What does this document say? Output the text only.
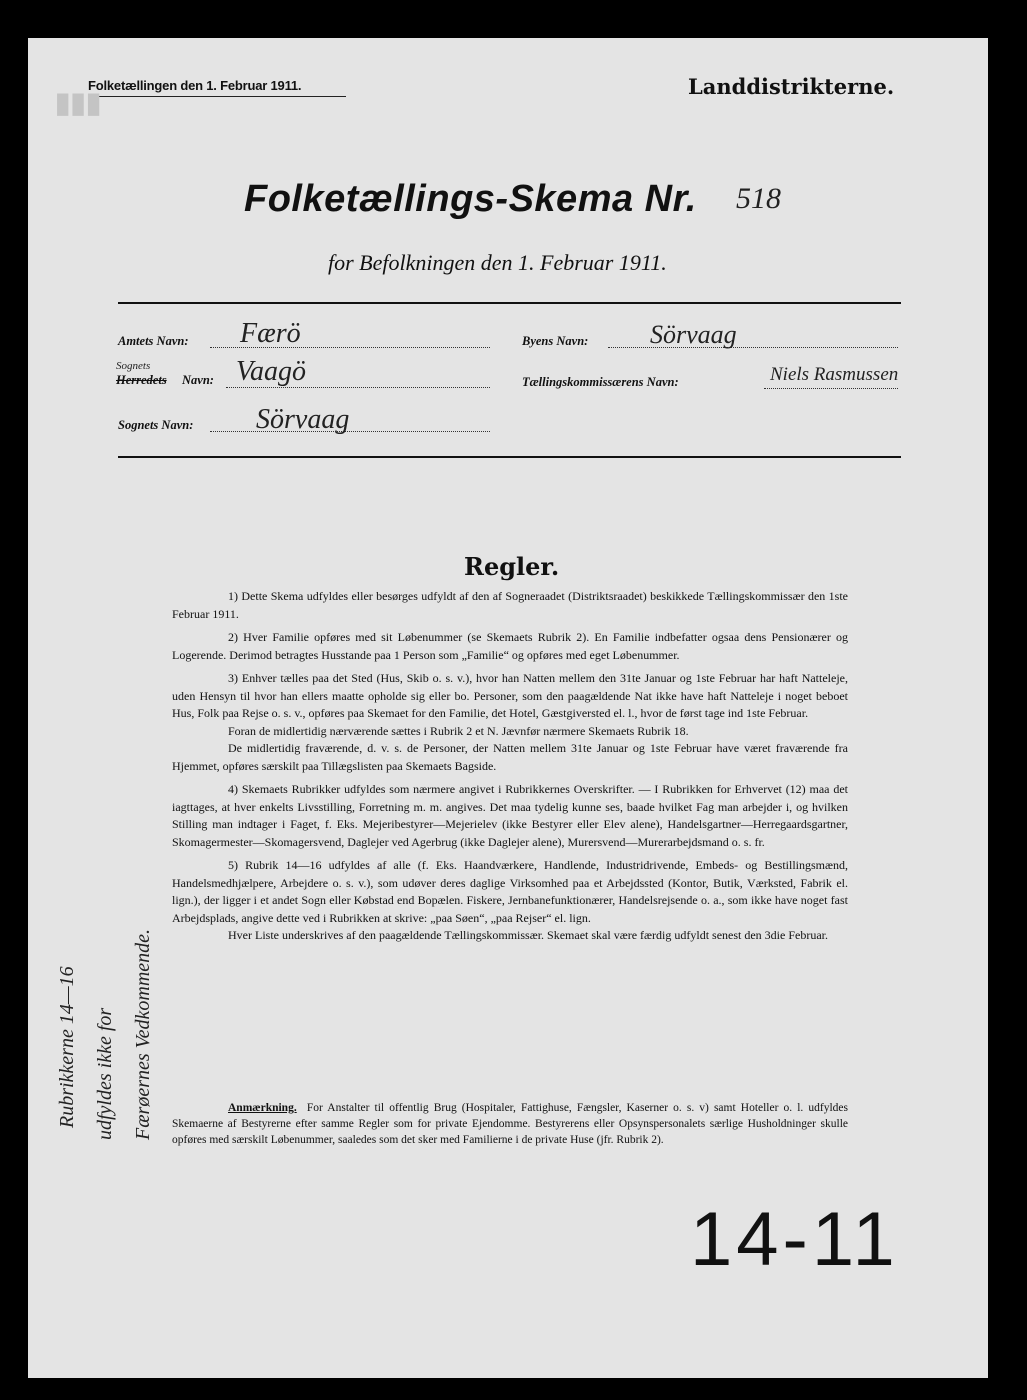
Folketællingen den 1. Februar 1911.	Landdistrikterne.
▮▮▮
Folketællings-Skema Nr. 518
for Befolkningen den 1. Februar 1911.
Amtets Navn: Færö
Sognets
Herredets Navn: Vaagö
Sognets Navn: Sörvaag
Byens Navn: Sörvaag
Tællingskommissærens Navn:	Niels Rasmussen
Regler.

1) Dette Skema udfyldes eller besørges udfyldt af den af Sogneraadet (Distriktsraadet) beskikkede Tællingskommissær den 1ste Februar 1911.

2) Hver Familie opføres med sit Løbenummer (se Skemaets Rubrik 2). En Familie indbefatter ogsaa dens Pensionærer og Logerende. Derimod betragtes Husstande paa 1 Person som „Familie“ og opføres med eget Løbenummer.

3) Enhver tælles paa det Sted (Hus, Skib o. s. v.), hvor han Natten mellem den 31te Januar og 1ste Februar har haft Natteleje, uden Hensyn til hvor han ellers maatte opholde sig eller bo. Personer, som den paagældende Nat ikke have haft Natteleje i noget beboet Hus, Folk paa Rejse o. s. v., opføres paa Skemaet for den Familie, det Hotel, Gæstgiversted el. l., hvor de først tage ind 1ste Februar.

Foran de midlertidig nærværende sættes i Rubrik 2 et N. Jævnfør nærmere Skemaets Rubrik 18.

De midlertidig fraværende, d. v. s. de Personer, der Natten mellem 31te Januar og 1ste Februar have været fraværende fra Hjemmet, opføres særskilt paa Tillægslisten paa Skemaets Bagside.

4) Skemaets Rubrikker udfyldes som nærmere angivet i Rubrikkernes Overskrifter. — I Rubrikken for Erhvervet (12) maa det iagttages, at hver enkelts Livsstilling, Forretning m. m. angives. Det maa tydelig kunne ses, baade hvilket Fag man arbejder i, og hvilken Stilling man indtager i Faget, f. Eks. Mejeribestyrer—Mejerielev (ikke Bestyrer eller Elev alene), Handelsgartner—Herregaardsgartner, Skomagermester—Skomagersvend, Daglejer ved Agerbrug (ikke Daglejer alene), Murersvend—Murerarbejdsmand o. s. fr.

5) Rubrik 14—16 udfyldes af alle (f. Eks. Haandværkere, Handlende, Industridrivende, Embeds- og Bestillingsmænd, Handelsmedhjælpere, Arbejdere o. s. v.), som udøver deres daglige Virksomhed paa et Arbejdssted (Kontor, Butik, Værksted, Fabrik el. lign.), der ligger i et andet Sogn eller Købstad end Bopælen. Fiskere, Jernbanefunktionærer, Handelsrejsende o. a., som ikke have noget fast Arbejdsplads, angive dette ved i Rubrikken at skrive: „paa Søen“, „paa Rejser“ el. lign.

Hver Liste underskrives af den paagældende Tællingskommissær. Skemaet skal være færdig udfyldt senest den 3die Februar.

Anmærkning. For Anstalter til offentlig Brug (Hospitaler, Fattighuse, Fængsler, Kaserner o. s. v) samt Hoteller o. l. udfyldes Skemaerne af Bestyrerne efter samme Regler som for private Ejendomme. Bestyrerens eller Opsynspersonalets særlige Husholdninger skulle opføres med særskilt Løbenummer, saaledes som det sker med Familierne i de private Huse (jfr. Rubrik 2).

Rubrikkerne 14—16 udfyldes ikke for Færøernes Vedkommende.
14-11
